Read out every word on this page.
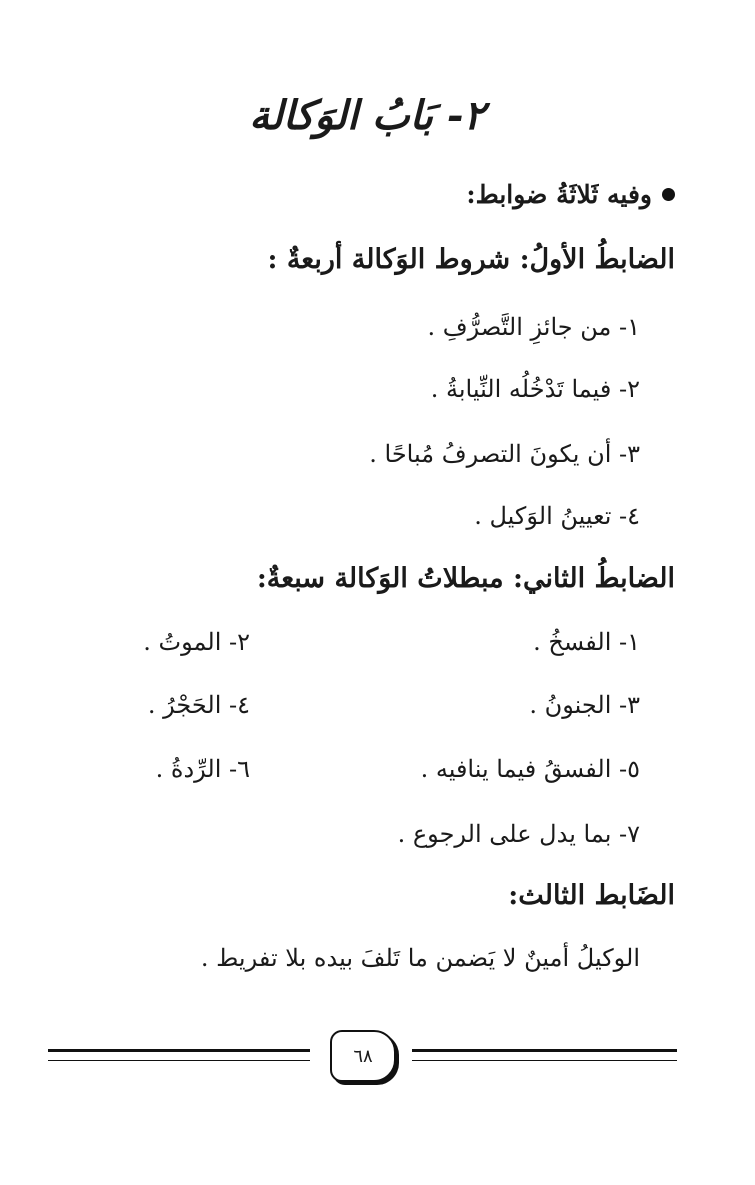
٢- بَابُ الوَكالة
وفيه ثَلاثَةُ ضوابط:
الضابطُ الأولُ: شروط الوَكالة أربعةٌ :
١- من جائزِ التَّصرُّفِ .
٢- فيما تَدْخُلُه النِّيابةُ .
٣- أن يكونَ التصرفُ مُباحًا .
٤- تعيينُ الوَكيل .
الضابطُ الثاني: مبطلاتُ الوَكالة سبعةٌ:
١- الفسخُ .
٢- الموتُ .
٣- الجنونُ .
٤- الحَجْرُ .
٥- الفسقُ فيما ينافيه .
٦- الرِّدةُ .
٧- بما يدل على الرجوع .
الضَابط الثالث:
الوكيلُ أمينٌ لا يَضمن ما تَلفَ بيده بلا تفريط .
٦٨
